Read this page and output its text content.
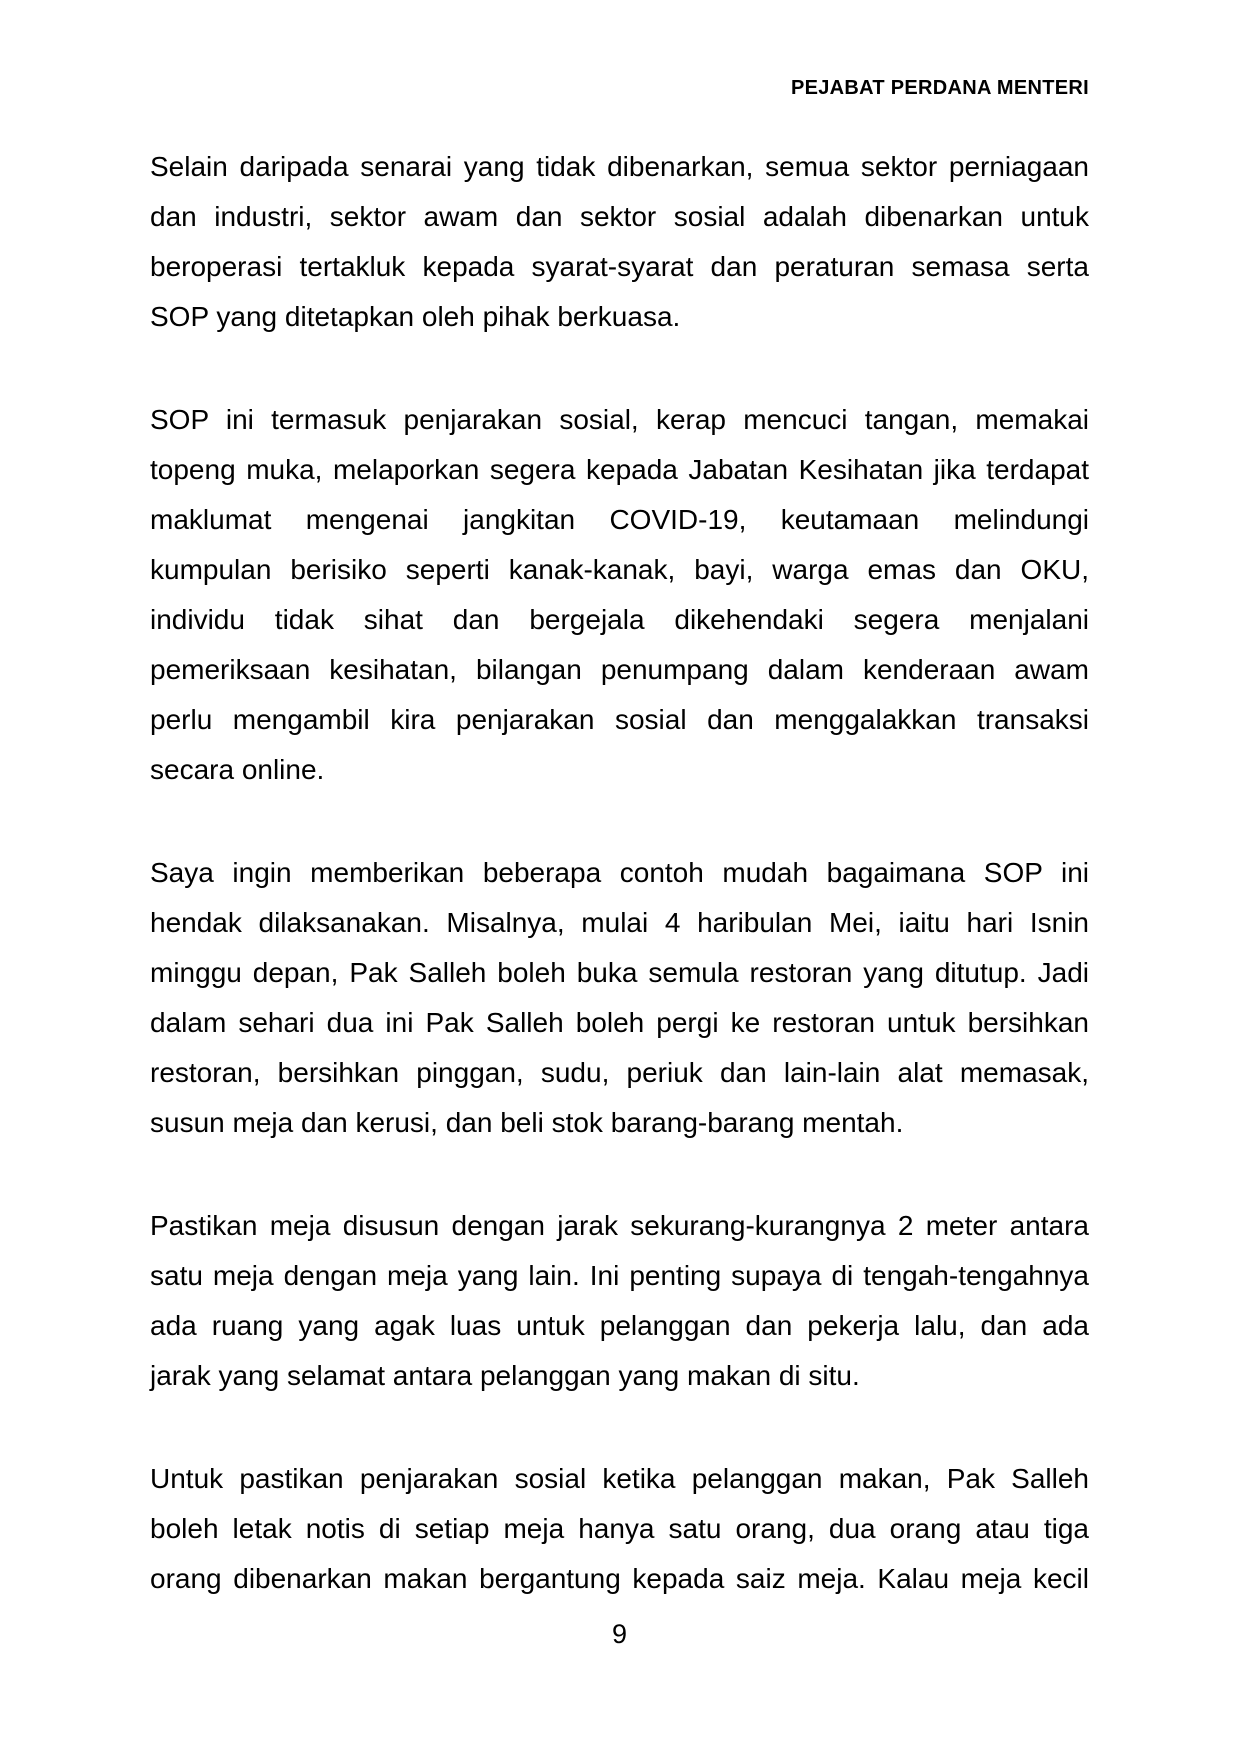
PEJABAT PERDANA MENTERI

Selain daripada senarai yang tidak dibenarkan, semua sektor perniagaan
dan industri, sektor awam dan sektor sosial adalah dibenarkan untuk
beroperasi tertakluk kepada syarat-syarat dan peraturan semasa serta
SOP yang ditetapkan oleh pihak berkuasa.

SOP ini termasuk penjarakan sosial, kerap mencuci tangan, memakai
topeng muka, melaporkan segera kepada Jabatan Kesihatan jika terdapat
maklumat mengenai jangkitan COVID-19, keutamaan melindungi
kumpulan berisiko seperti kanak-kanak, bayi, warga emas dan OKU,
individu tidak sihat dan bergejala dikehendaki segera menjalani
pemeriksaan kesihatan, bilangan penumpang dalam kenderaan awam
perlu mengambil kira penjarakan sosial dan menggalakkan transaksi
secara online.

Saya ingin memberikan beberapa contoh mudah bagaimana SOP ini
hendak dilaksanakan. Misalnya, mulai 4 haribulan Mei, iaitu hari Isnin
minggu depan, Pak Salleh boleh buka semula restoran yang ditutup. Jadi
dalam sehari dua ini Pak Salleh boleh pergi ke restoran untuk bersihkan
restoran, bersihkan pinggan, sudu, periuk dan lain-lain alat memasak,
susun meja dan kerusi, dan beli stok barang-barang mentah.

Pastikan meja disusun dengan jarak sekurang-kurangnya 2 meter antara
satu meja dengan meja yang lain. Ini penting supaya di tengah-tengahnya
ada ruang yang agak luas untuk pelanggan dan pekerja lalu, dan ada
jarak yang selamat antara pelanggan yang makan di situ.

Untuk pastikan penjarakan sosial ketika pelanggan makan, Pak Salleh
boleh letak notis di setiap meja hanya satu orang, dua orang atau tiga
orang dibenarkan makan bergantung kepada saiz meja. Kalau meja kecil

9
